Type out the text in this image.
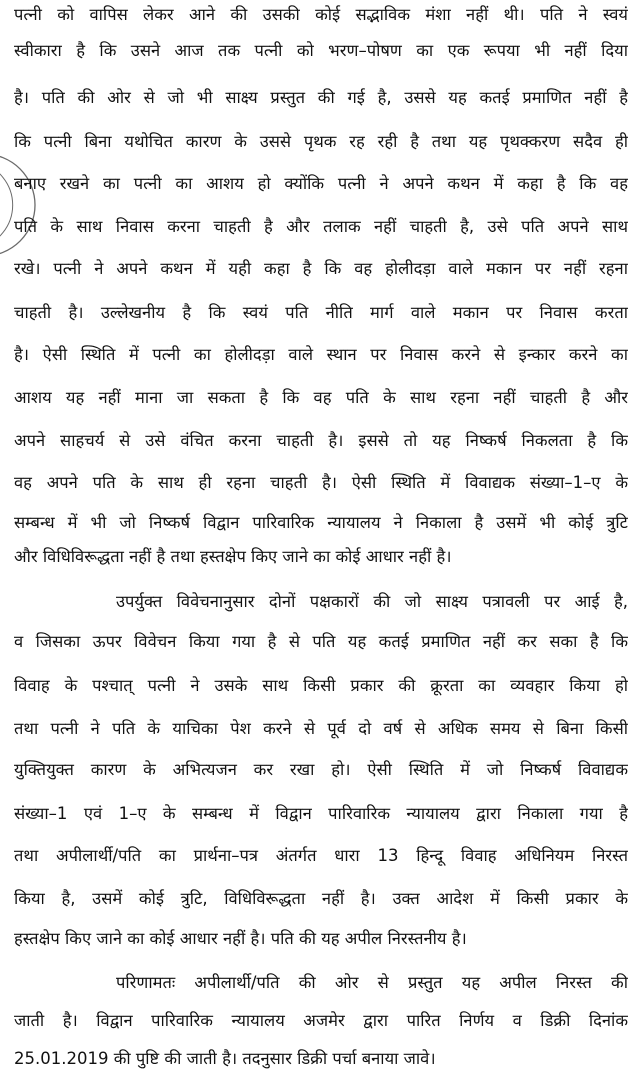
पत्नी को वापिस लेकर आने की उसकी कोई सद्भाविक मंशा नहीं थी। पति ने स्वयं
स्वीकारा है कि उसने आज तक पत्नी को भरण–पोषण का एक रूपया भी नहीं दिया
है। पति की ओर से जो भी साक्ष्य प्रस्तुत की गई है, उससे यह कतई प्रमाणित नहीं है
कि पत्नी बिना यथोचित कारण के उससे पृथक रह रही है तथा यह पृथक्करण सदैव ही
बनाए रखने का पत्नी का आशय हो क्योंकि पत्नी ने अपने कथन में कहा है कि वह
पति के साथ निवास करना चाहती है और तलाक नहीं चाहती है, उसे पति अपने साथ
रखे। पत्नी ने अपने कथन में यही कहा है कि वह होलीदड़ा वाले मकान पर नहीं रहना
चाहती है। उल्लेखनीय है कि स्वयं पति नीति मार्ग वाले मकान पर निवास करता
है। ऐसी स्थिति में पत्नी का होलीदड़ा वाले स्थान पर निवास करने से इन्कार करने का
आशय यह नहीं माना जा सकता है कि वह पति के साथ रहना नहीं चाहती है और
अपने साहचर्य से उसे वंचित करना चाहती है। इससे तो यह निष्कर्ष निकलता है कि
वह अपने पति के साथ ही रहना चाहती है। ऐसी स्थिति में विवाद्यक संख्या–1–ए के
सम्बन्ध में भी जो निष्कर्ष विद्वान पारिवारिक न्यायालय ने निकाला है उसमें भी कोई त्रुटि
और विधिविरूद्धता नहीं है तथा हस्तक्षेप किए जाने का कोई आधार नहीं है।
उपर्युक्त विवेचनानुसार दोनों पक्षकारों की जो साक्ष्य पत्रावली पर आई है,
व जिसका ऊपर विवेचन किया गया है से पति यह कतई प्रमाणित नहीं कर सका है कि
विवाह के पश्चात् पत्नी ने उसके साथ किसी प्रकार की क्रूरता का व्यवहार किया हो
तथा पत्नी ने पति के याचिका पेश करने से पूर्व दो वर्ष से अधिक समय से बिना किसी
युक्तियुक्त कारण के अभित्यजन कर रखा हो। ऐसी स्थिति में जो निष्कर्ष विवाद्यक
संख्या–1 एवं 1–ए के सम्बन्ध में विद्वान पारिवारिक न्यायालय द्वारा निकाला गया है
तथा अपीलार्थी/पति का प्रार्थना–पत्र अंतर्गत धारा 13 हिन्दू विवाह अधिनियम निरस्त
किया है, उसमें कोई त्रुटि, विधिविरूद्धता नहीं है। उक्त आदेश में किसी प्रकार के
हस्तक्षेप किए जाने का कोई आधार नहीं है। पति की यह अपील निरस्तनीय है।
परिणामतः अपीलार्थी/पति की ओर से प्रस्तुत यह अपील निरस्त की
जाती है। विद्वान पारिवारिक न्यायालय अजमेर द्वारा पारित निर्णय व डिक्री दिनांक
25.01.2019 की पुष्टि की जाती है। तदनुसार डिक्री पर्चा बनाया जावे।
